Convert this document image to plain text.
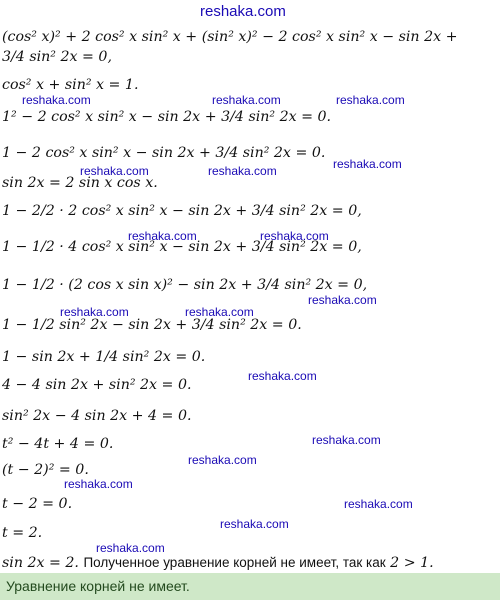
reshaka.com
reshaka.com	reshaka.com	reshaka.com
reshaka.com
reshaka.com	reshaka.com
reshaka.com	reshaka.com
reshaka.com
reshaka.com	reshaka.com
reshaka.com
reshaka.com
reshaka.com
reshaka.com
reshaka.com
reshaka.com
reshaka.com
(cos² x)² + 2 cos² x sin² x + (sin² x)² − 2 cos² x sin² x − sin 2x +
3/4 sin² 2x = 0,
cos² x + sin² x = 1.
1² − 2 cos² x sin² x − sin 2x + 3/4 sin² 2x = 0.
1 − 2 cos² x sin² x − sin 2x + 3/4 sin² 2x = 0.
sin 2x = 2 sin x cos x.
1 − 2/2 · 2 cos² x sin² x − sin 2x + 3/4 sin² 2x = 0,
1 − 1/2 · 4 cos² x sin² x − sin 2x + 3/4 sin² 2x = 0,
1 − 1/2 · (2 cos x sin x)² − sin 2x + 3/4 sin² 2x = 0,
1 − 1/2 sin² 2x − sin 2x + 3/4 sin² 2x = 0.
1 − sin 2x + 1/4 sin² 2x = 0.
4 − 4 sin 2x + sin² 2x = 0.
sin² 2x − 4 sin 2x + 4 = 0.
t² − 4t + 4 = 0.
(t − 2)² = 0.
t − 2 = 0.
t = 2.
sin 2x = 2. Полученное уравнение корней не имеет, так как 2 > 1.
Уравнение корней не имеет.
